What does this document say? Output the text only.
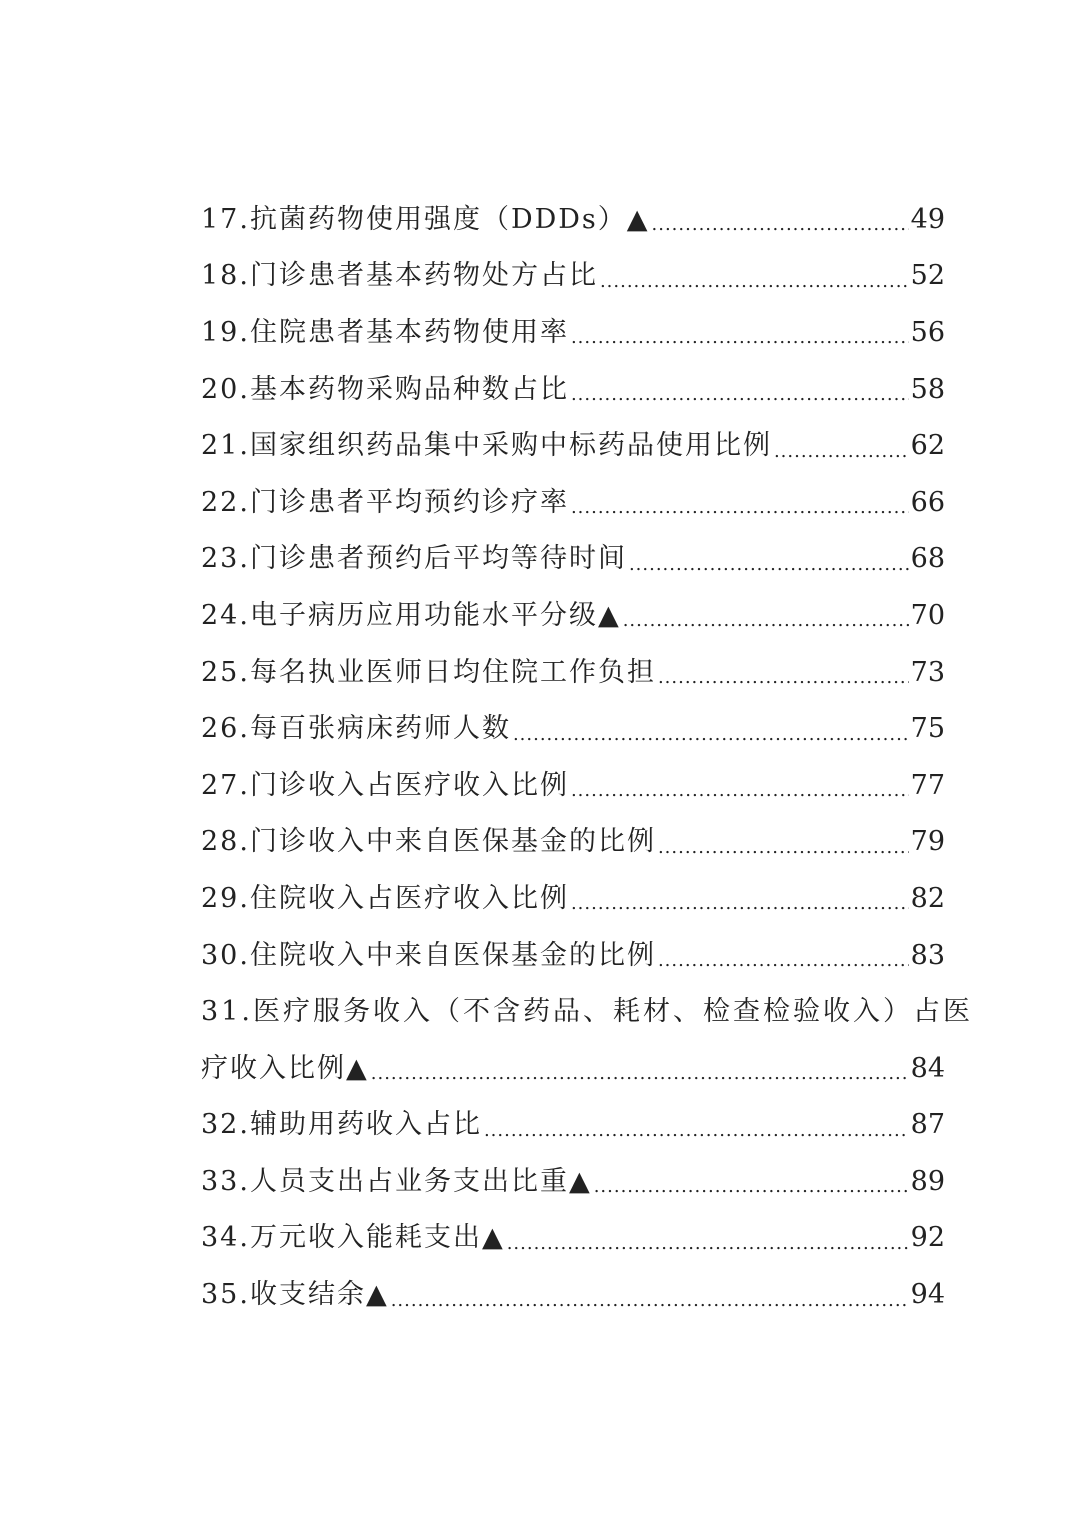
17.抗菌药物使用强度（DDDs）▲ .....	49
18.门诊患者基本药物处方占比 .....	52
19.住院患者基本药物使用率 .....	56
20.基本药物采购品种数占比 .....	58
21.国家组织药品集中采购中标药品使用比例 .....	62
22.门诊患者平均预约诊疗率 .....	66
23.门诊患者预约后平均等待时间 .....	68
24.电子病历应用功能水平分级▲ .....	70
25.每名执业医师日均住院工作负担 .....	73
26.每百张病床药师人数 .....	75
27.门诊收入占医疗收入比例 .....	77
28.门诊收入中来自医保基金的比例 .....	79
29.住院收入占医疗收入比例 .....	82
30.住院收入中来自医保基金的比例 .....	83
31.医疗服务收入（不含药品、耗材、检查检验收入）占医
疗收入比例▲ .....	84
32.辅助用药收入占比 .....	87
33.人员支出占业务支出比重▲ .....	89
34.万元收入能耗支出▲ .....	92
35.收支结余▲ .....	94
